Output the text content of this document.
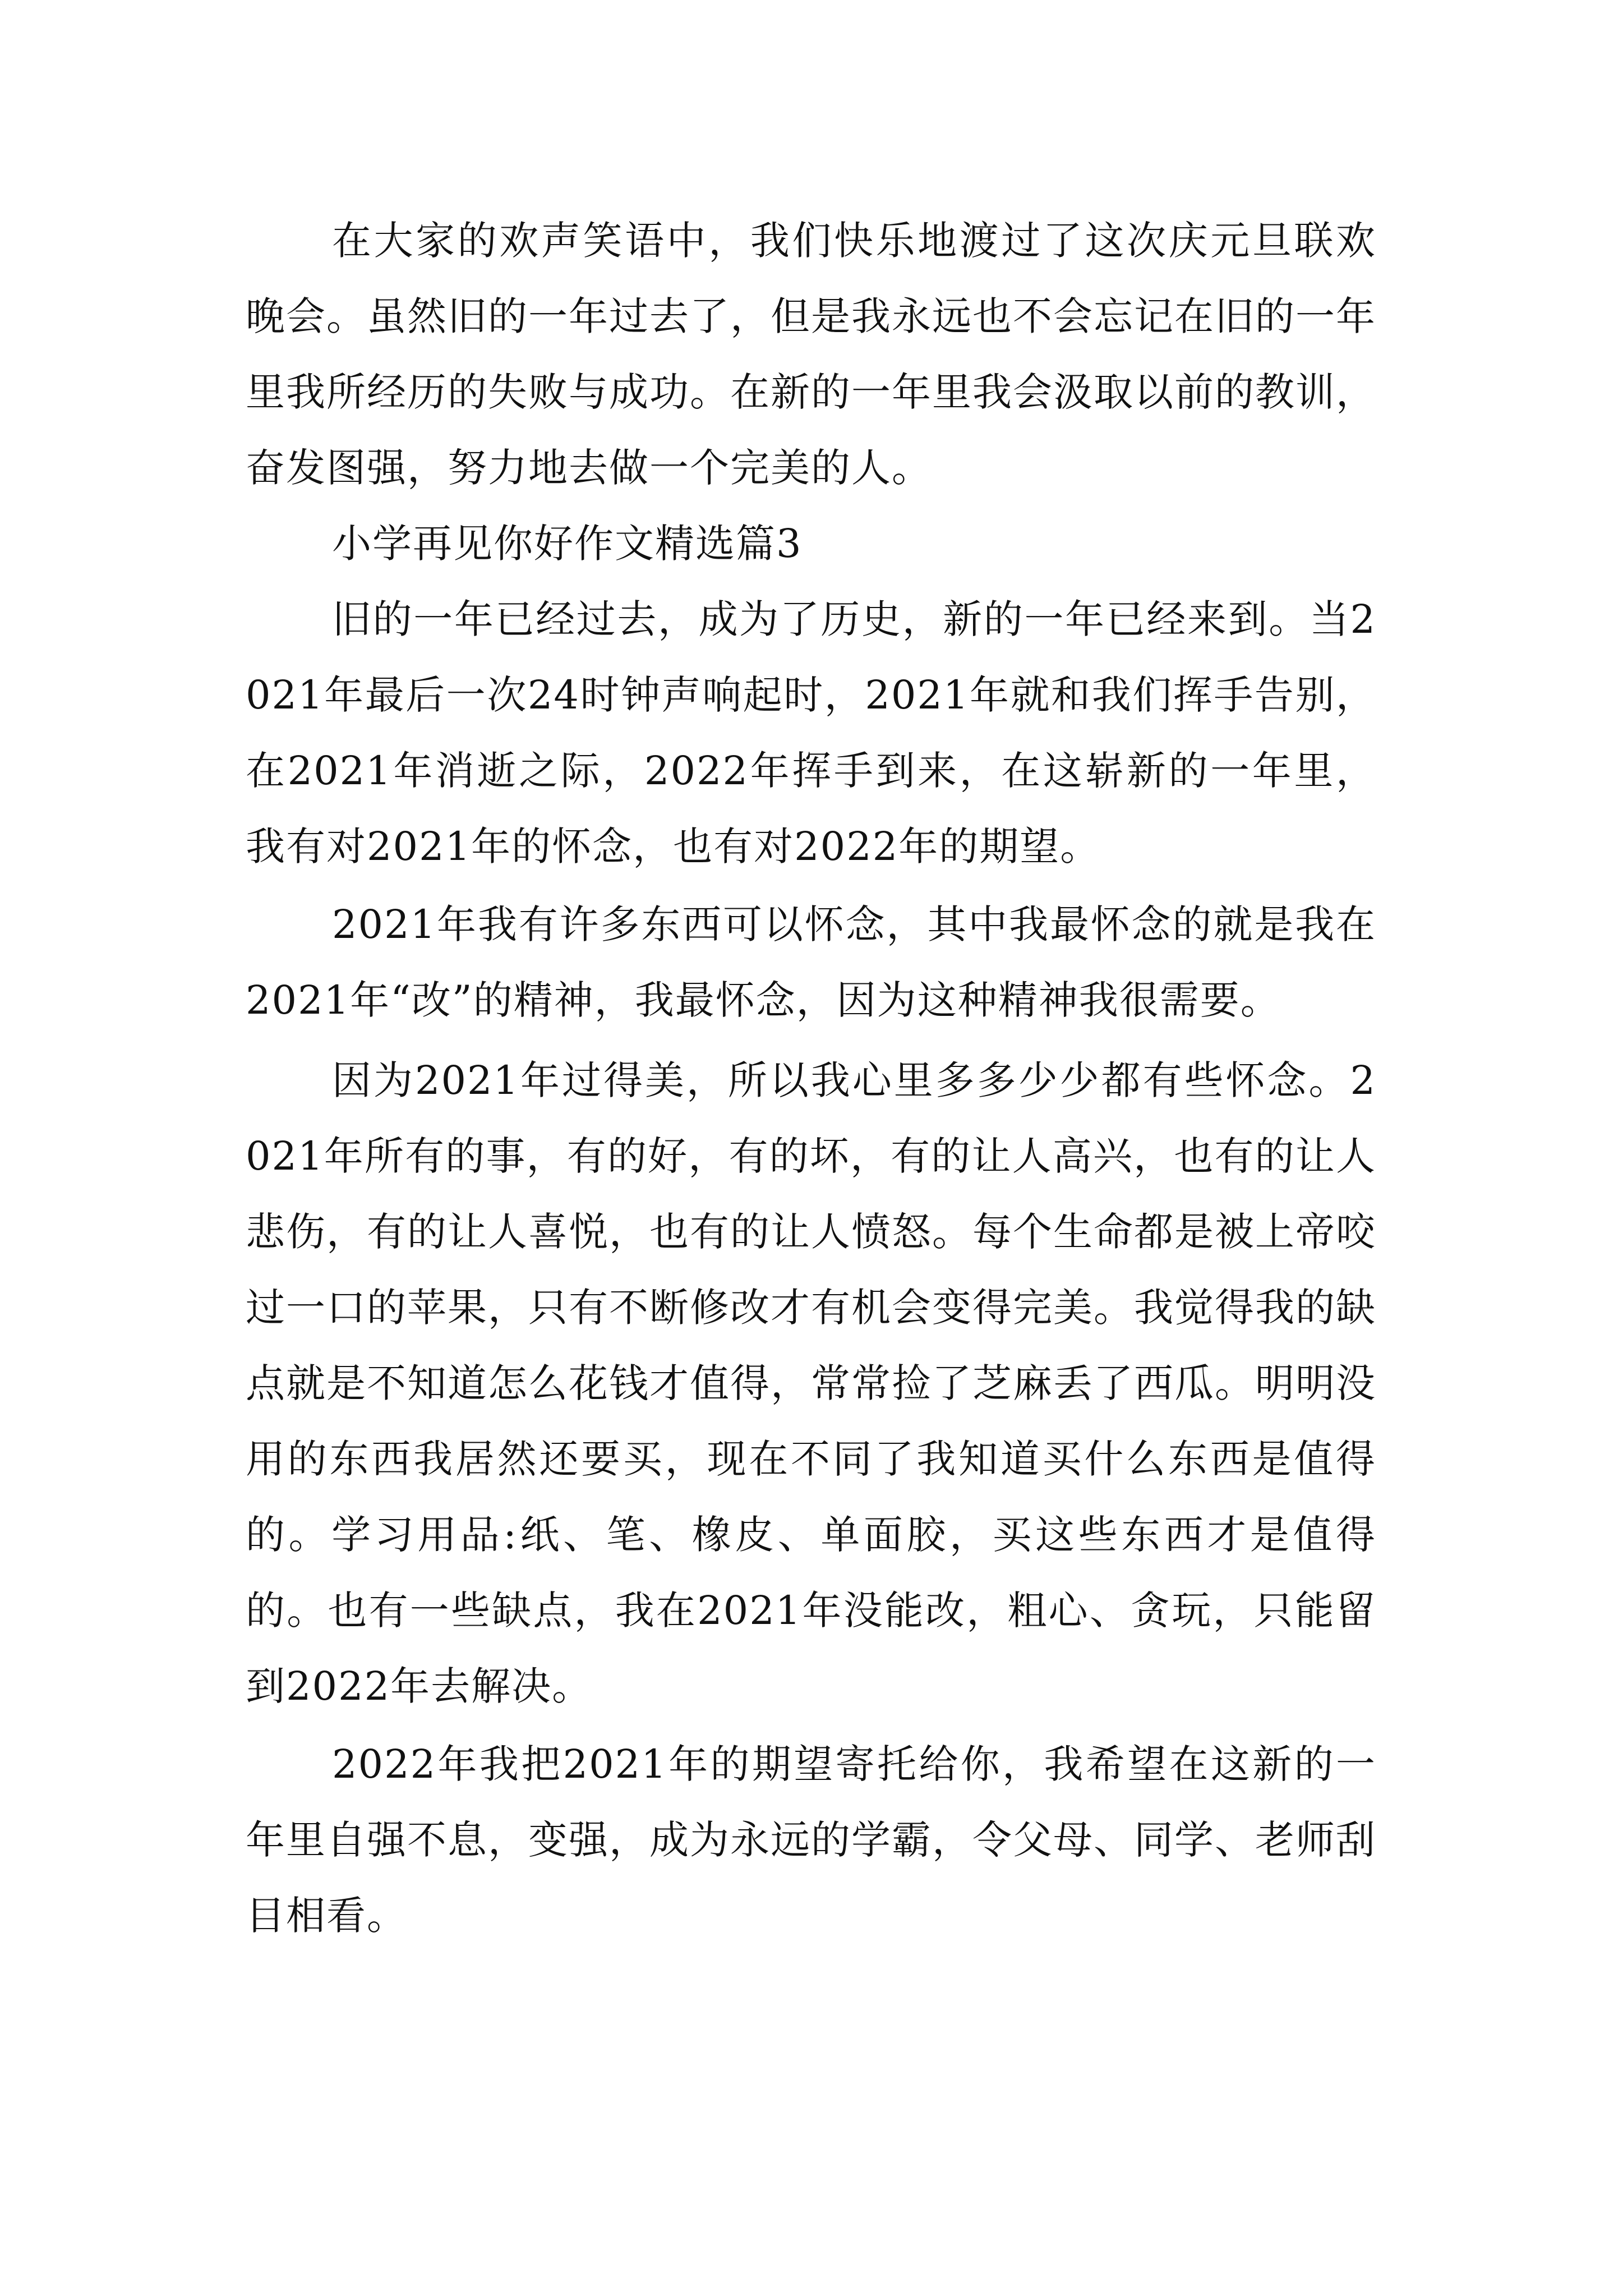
在大家的欢声笑语中，我们快乐地渡过了这次庆元旦联欢晚会。虽然旧的一年过去了，但是我永远也不会忘记在旧的一年里我所经历的失败与成功。在新的一年里我会汲取以前的教训，奋发图强，努力地去做一个完美的人。

小学再见你好作文精选篇3

旧的一年已经过去，成为了历史，新的一年已经来到。当2021年最后一次24时钟声响起时，2021年就和我们挥手告别，在2021年消逝之际，2022年挥手到来，在这崭新的一年里，我有对2021年的怀念，也有对2022年的期望。

2021年我有许多东西可以怀念，其中我最怀念的就是我在2021年“改”的精神，我最怀念，因为这种精神我很需要。

因为2021年过得美，所以我心里多多少少都有些怀念。2021年所有的事，有的好，有的坏，有的让人高兴，也有的让人悲伤，有的让人喜悦，也有的让人愤怒。每个生命都是被上帝咬过一口的苹果，只有不断修改才有机会变得完美。我觉得我的缺点就是不知道怎么花钱才值得，常常捡了芝麻丢了西瓜。明明没用的东西我居然还要买，现在不同了我知道买什么东西是值得的。学习用品:纸、笔、橡皮、单面胶，买这些东西才是值得的。也有一些缺点，我在2021年没能改，粗心、贪玩，只能留到2022年去解决。

2022年我把2021年的期望寄托给你，我希望在这新的一年里自强不息，变强，成为永远的学霸，令父母、同学、老师刮目相看。
